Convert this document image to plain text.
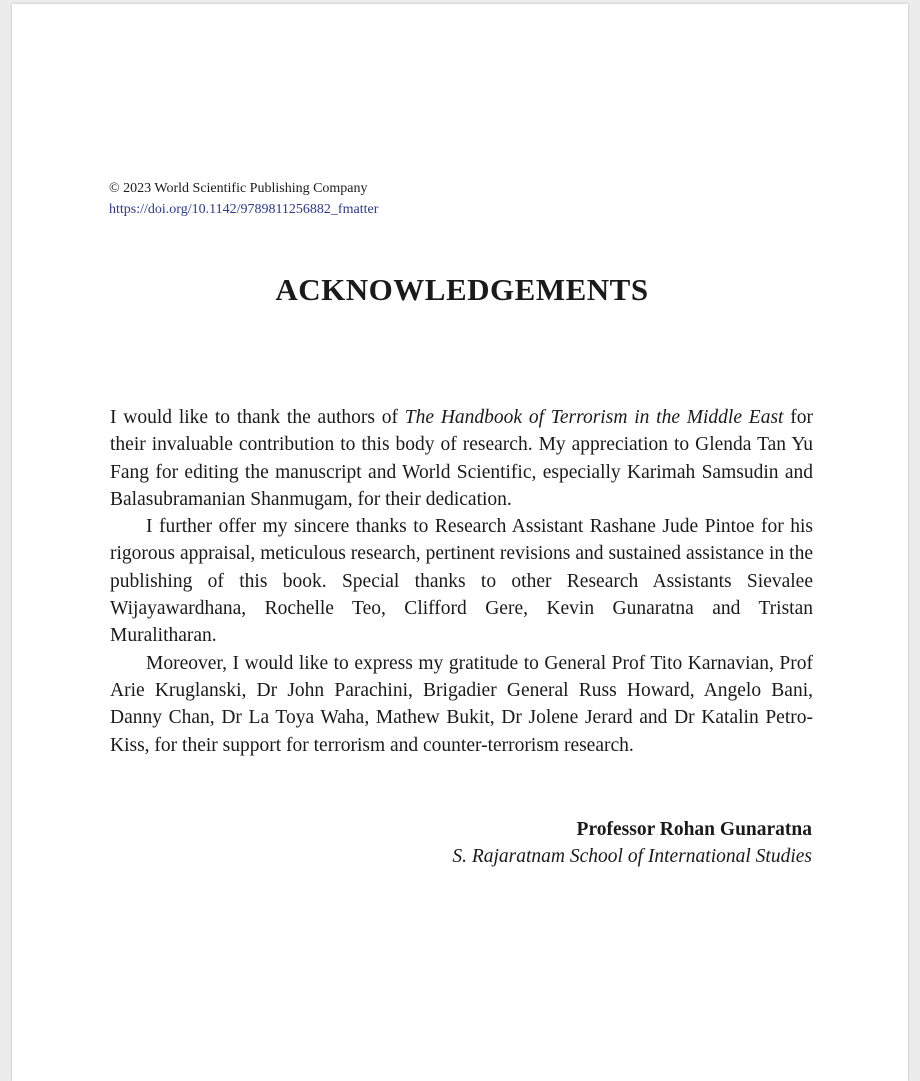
© 2023 World Scientific Publishing Company
https://doi.org/10.1142/9789811256882_fmatter
ACKNOWLEDGEMENTS

I would like to thank the authors of The Handbook of Terrorism in the Middle East for their invaluable contribution to this body of research. My appreciation to Glenda Tan Yu Fang for editing the manuscript and World Scientific, especially Karimah Samsudin and Balasubramanian Shanmugam, for their dedication.

I further offer my sincere thanks to Research Assistant Rashane Jude Pintoe for his rigorous appraisal, meticulous research, pertinent revisions and sustained assistance in the publishing of this book. Special thanks to other Research Assistants Sievalee Wijayawardhana, Rochelle Teo, Clifford Gere, Kevin Gunaratna and Tristan Muralitharan.

Moreover, I would like to express my gratitude to General Prof Tito Karnavian, Prof Arie Kruglanski, Dr John Parachini, Brigadier General Russ Howard, Angelo Bani, Danny Chan, Dr La Toya Waha, Mathew Bukit, Dr Jolene Jerard and Dr Katalin Petro-Kiss, for their support for terrorism and counter-terrorism research.

Professor Rohan Gunaratna
S. Rajaratnam School of International Studies
